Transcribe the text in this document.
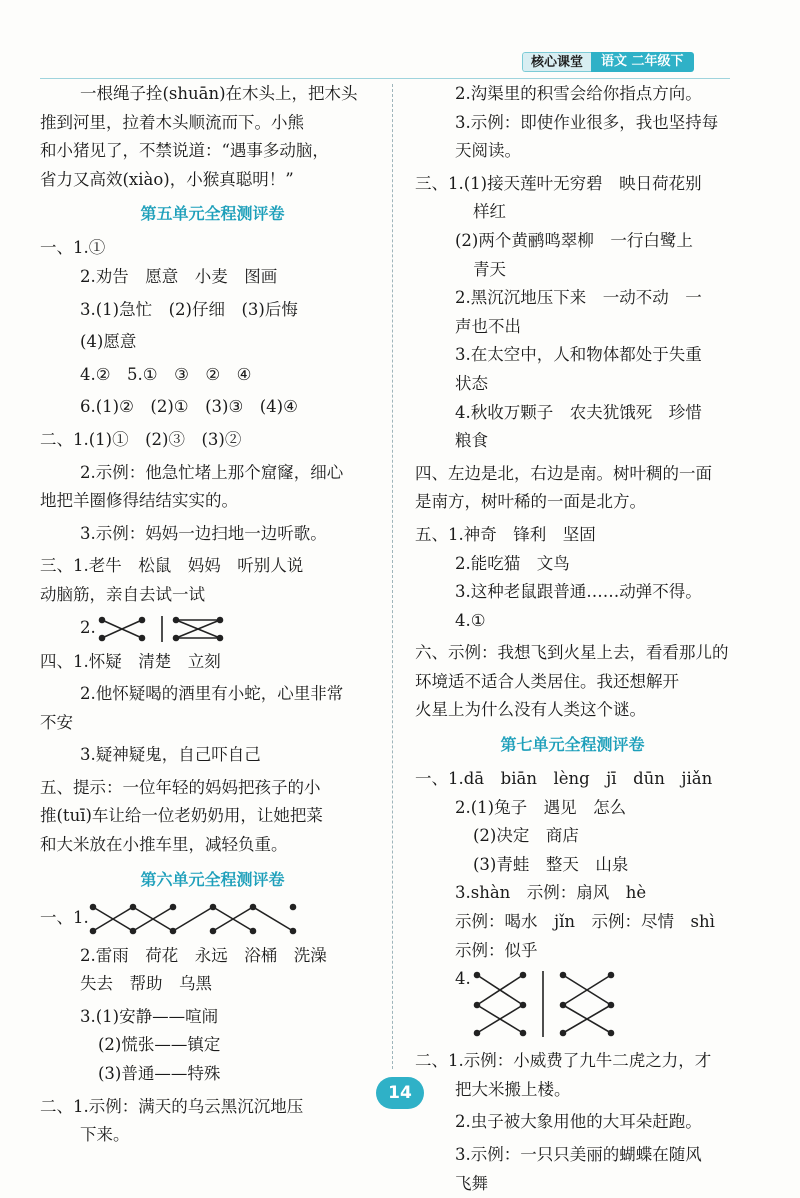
核心课堂	语文 二年级下
一根绳子拴(shuān)在木头上，把木头
推到河里，拉着木头顺流而下。小熊
和小猪见了，不禁说道：“遇事多动脑，
省力又高效(xiào)，小猴真聪明！”
第五单元全程测评卷
一、1.①
2.劝告　愿意　小麦　图画
3.(1)急忙　(2)仔细　(3)后悔
(4)愿意
4.②　5.①　③　②　④
6.(1)②　(2)①　(3)③　(4)④
二、1.(1)①　(2)③　(3)②
2.示例：他急忙堵上那个窟窿，细心
地把羊圈修得结结实实的。
3.示例：妈妈一边扫地一边听歌。
三、1.老牛　松鼠　妈妈　听别人说
动脑筋，亲自去试一试
2.
四、1.怀疑　清楚　立刻
2.他怀疑喝的酒里有小蛇，心里非常
不安
3.疑神疑鬼，自己吓自己
五、提示：一位年轻的妈妈把孩子的小
推(tuī)车让给一位老奶奶用，让她把菜
和大米放在小推车里，减轻负重。
第六单元全程测评卷
一、1.
2.雷雨　荷花　永远　浴桶　洗澡
失去　帮助　乌黑
3.(1)安静——喧闹
(2)慌张——镇定
(3)普通——特殊
二、1.示例：满天的乌云黑沉沉地压
下来。
2.沟渠里的积雪会给你指点方向。
3.示例：即使作业很多，我也坚持每
天阅读。
三、1.(1)接天莲叶无穷碧　映日荷花别
样红
(2)两个黄鹂鸣翠柳　一行白鹭上
青天
2.黑沉沉地压下来　一动不动　一
声也不出
3.在太空中，人和物体都处于失重
状态
4.秋收万颗子　农夫犹饿死　珍惜
粮食
四、左边是北，右边是南。树叶稠的一面
是南方，树叶稀的一面是北方。
五、1.神奇　锋利　坚固
2.能吃猫　文鸟
3.这种老鼠跟普通……动弹不得。
4.①
六、示例：我想飞到火星上去，看看那儿的
环境适不适合人类居住。我还想解开
火星上为什么没有人类这个谜。
第七单元全程测评卷
一、1.dā　biān　lèng　jī　dūn　jiǎn
2.(1)兔子　遇见　怎么
(2)决定　商店
(3)青蛙　整天　山泉
3.shàn　示例：扇风　hè
示例：喝水　jǐn　示例：尽情　shì
示例：似乎
4.
二、1.示例：小威费了九牛二虎之力，才
把大米搬上楼。
2.虫子被大象用他的大耳朵赶跑。
3.示例：一只只美丽的蝴蝶在随风
飞舞
14
